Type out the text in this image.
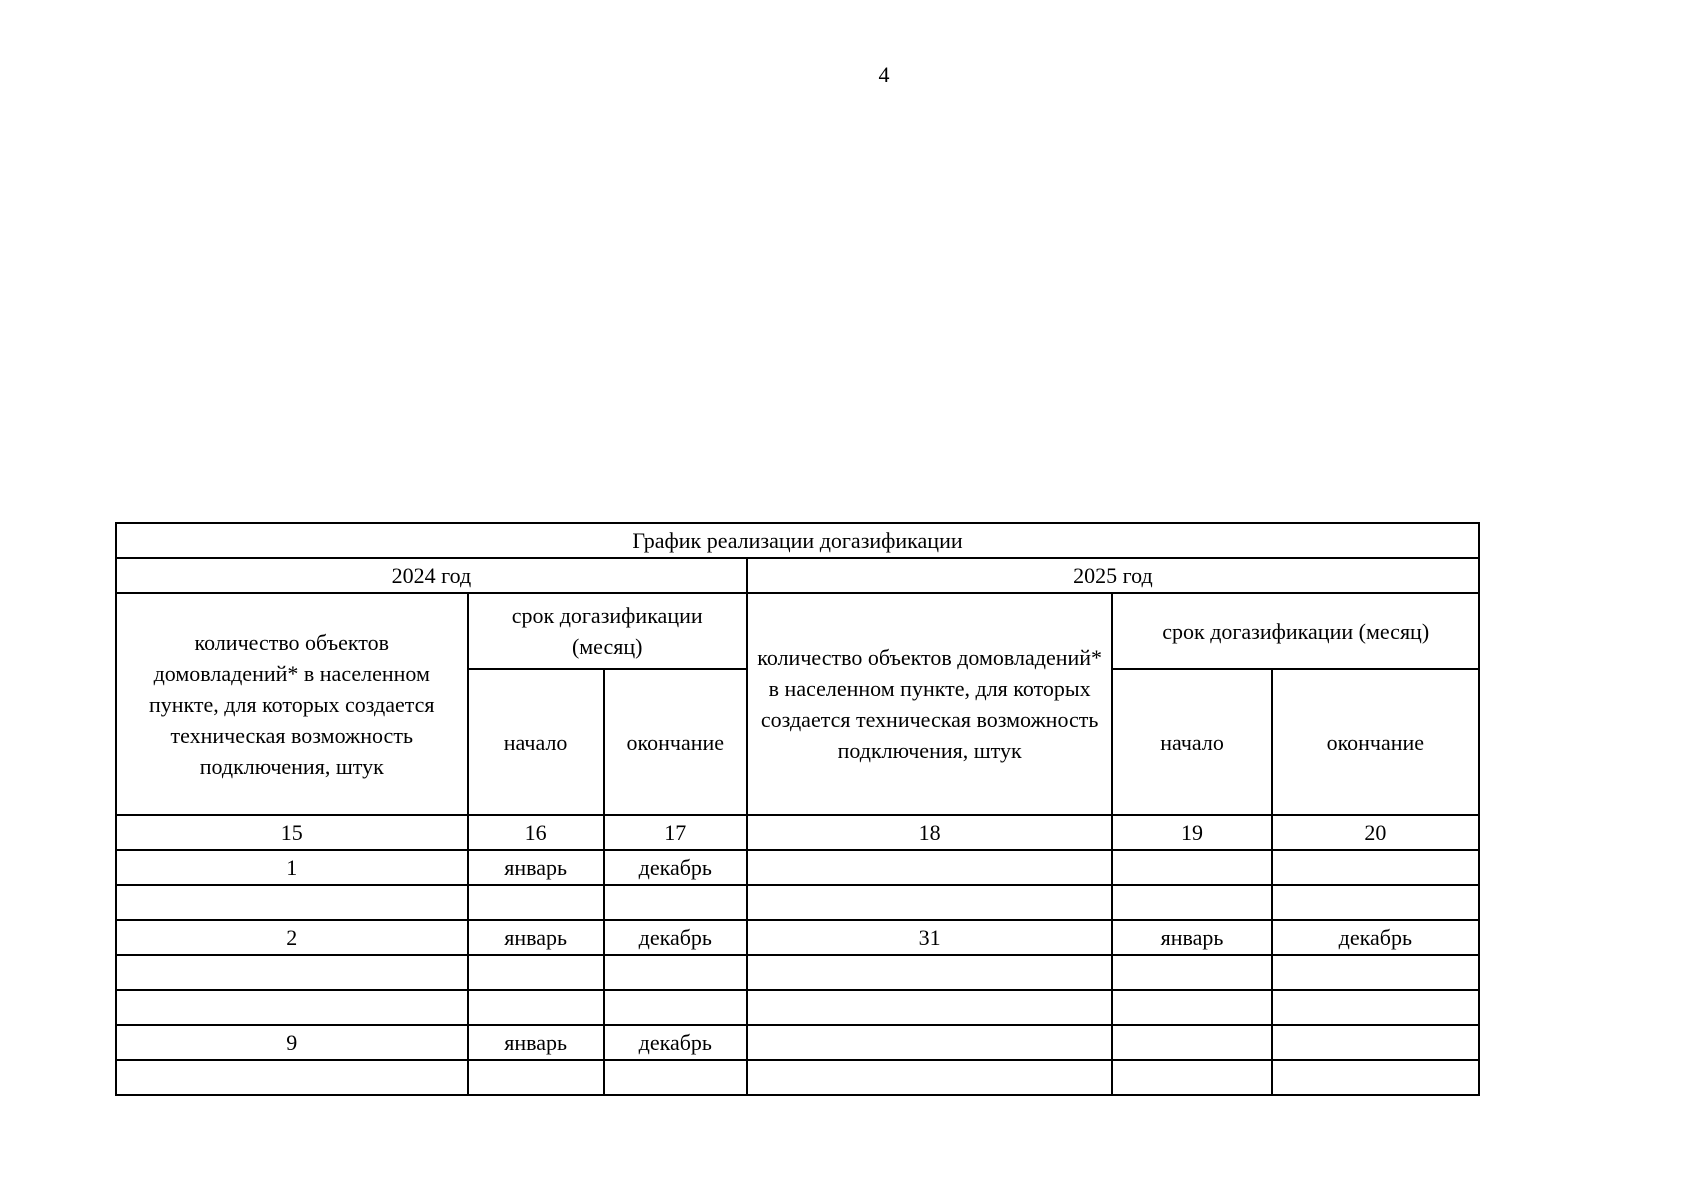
4
График реализации догазификации					
2024 год			2025 год		
количество объектов домовладений* в населенном пункте, для которых создается техническая возможность подключения, штук	срок догазификации (месяц)		количество объектов домовладений* в населенном пункте, для которых создается техническая возможность подключения, штук	срок догазификации (месяц)	
	начало	окончание		начало	окончание
15	16	17	18	19	20
1	январь	декабрь			

2	январь	декабрь	31	январь	декабрь

9	январь	декабрь			
